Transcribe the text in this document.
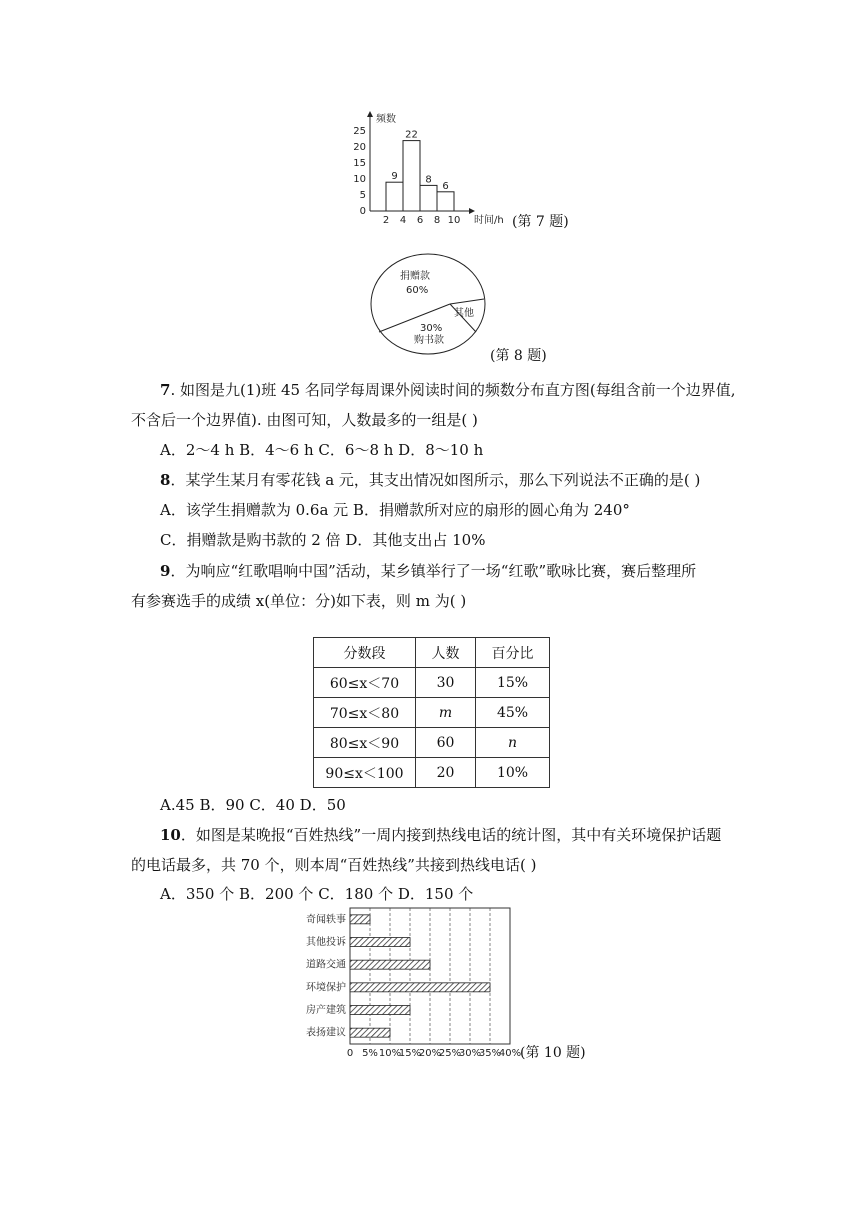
0
5
10
15
20
25
2 4 6 8 10
9
22
8
6
频数
时间/h (第 7 题)
捐赠款
60%
其他
30%
购书款
(第 8 题)
7. 如图是九(1)班 45 名同学每周课外阅读时间的频数分布直方图(每组含前一个边界值,
不含后一个边界值). 由图可知，人数最多的一组是( )
A．2～4 h B．4～6 h C．6～8 h D．8～10 h
8．某学生某月有零花钱 a 元，其支出情况如图所示，那么下列说法不正确的是( )
A．该学生捐赠款为 0.6a 元 B．捐赠款所对应的扇形的圆心角为 240°
C．捐赠款是购书款的 2 倍 D．其他支出占 10%
9．为响应“红歌唱响中国”活动，某乡镇举行了一场“红歌”歌咏比赛，赛后整理所
有参赛选手的成绩 x(单位：分)如下表，则 m 为( )
分数段	人数	百分比
60≤x＜70	30	15%
70≤x＜80	m	45%
80≤x＜90	60	n
90≤x＜100	20	10%
A.45 B．90 C．40 D．50
10．如图是某晚报“百姓热线”一周内接到热线电话的统计图，其中有关环境保护话题
的电话最多，共 70 个，则本周“百姓热线”共接到热线电话( )
A．350 个 B．200 个 C．180 个 D．150 个
0 5% 10%
15%
20%
25%
30%
35%
40%
奇闻轶事
其他投诉
道路交通
环境保护
房产建筑
表扬建议
(第 10 题)
